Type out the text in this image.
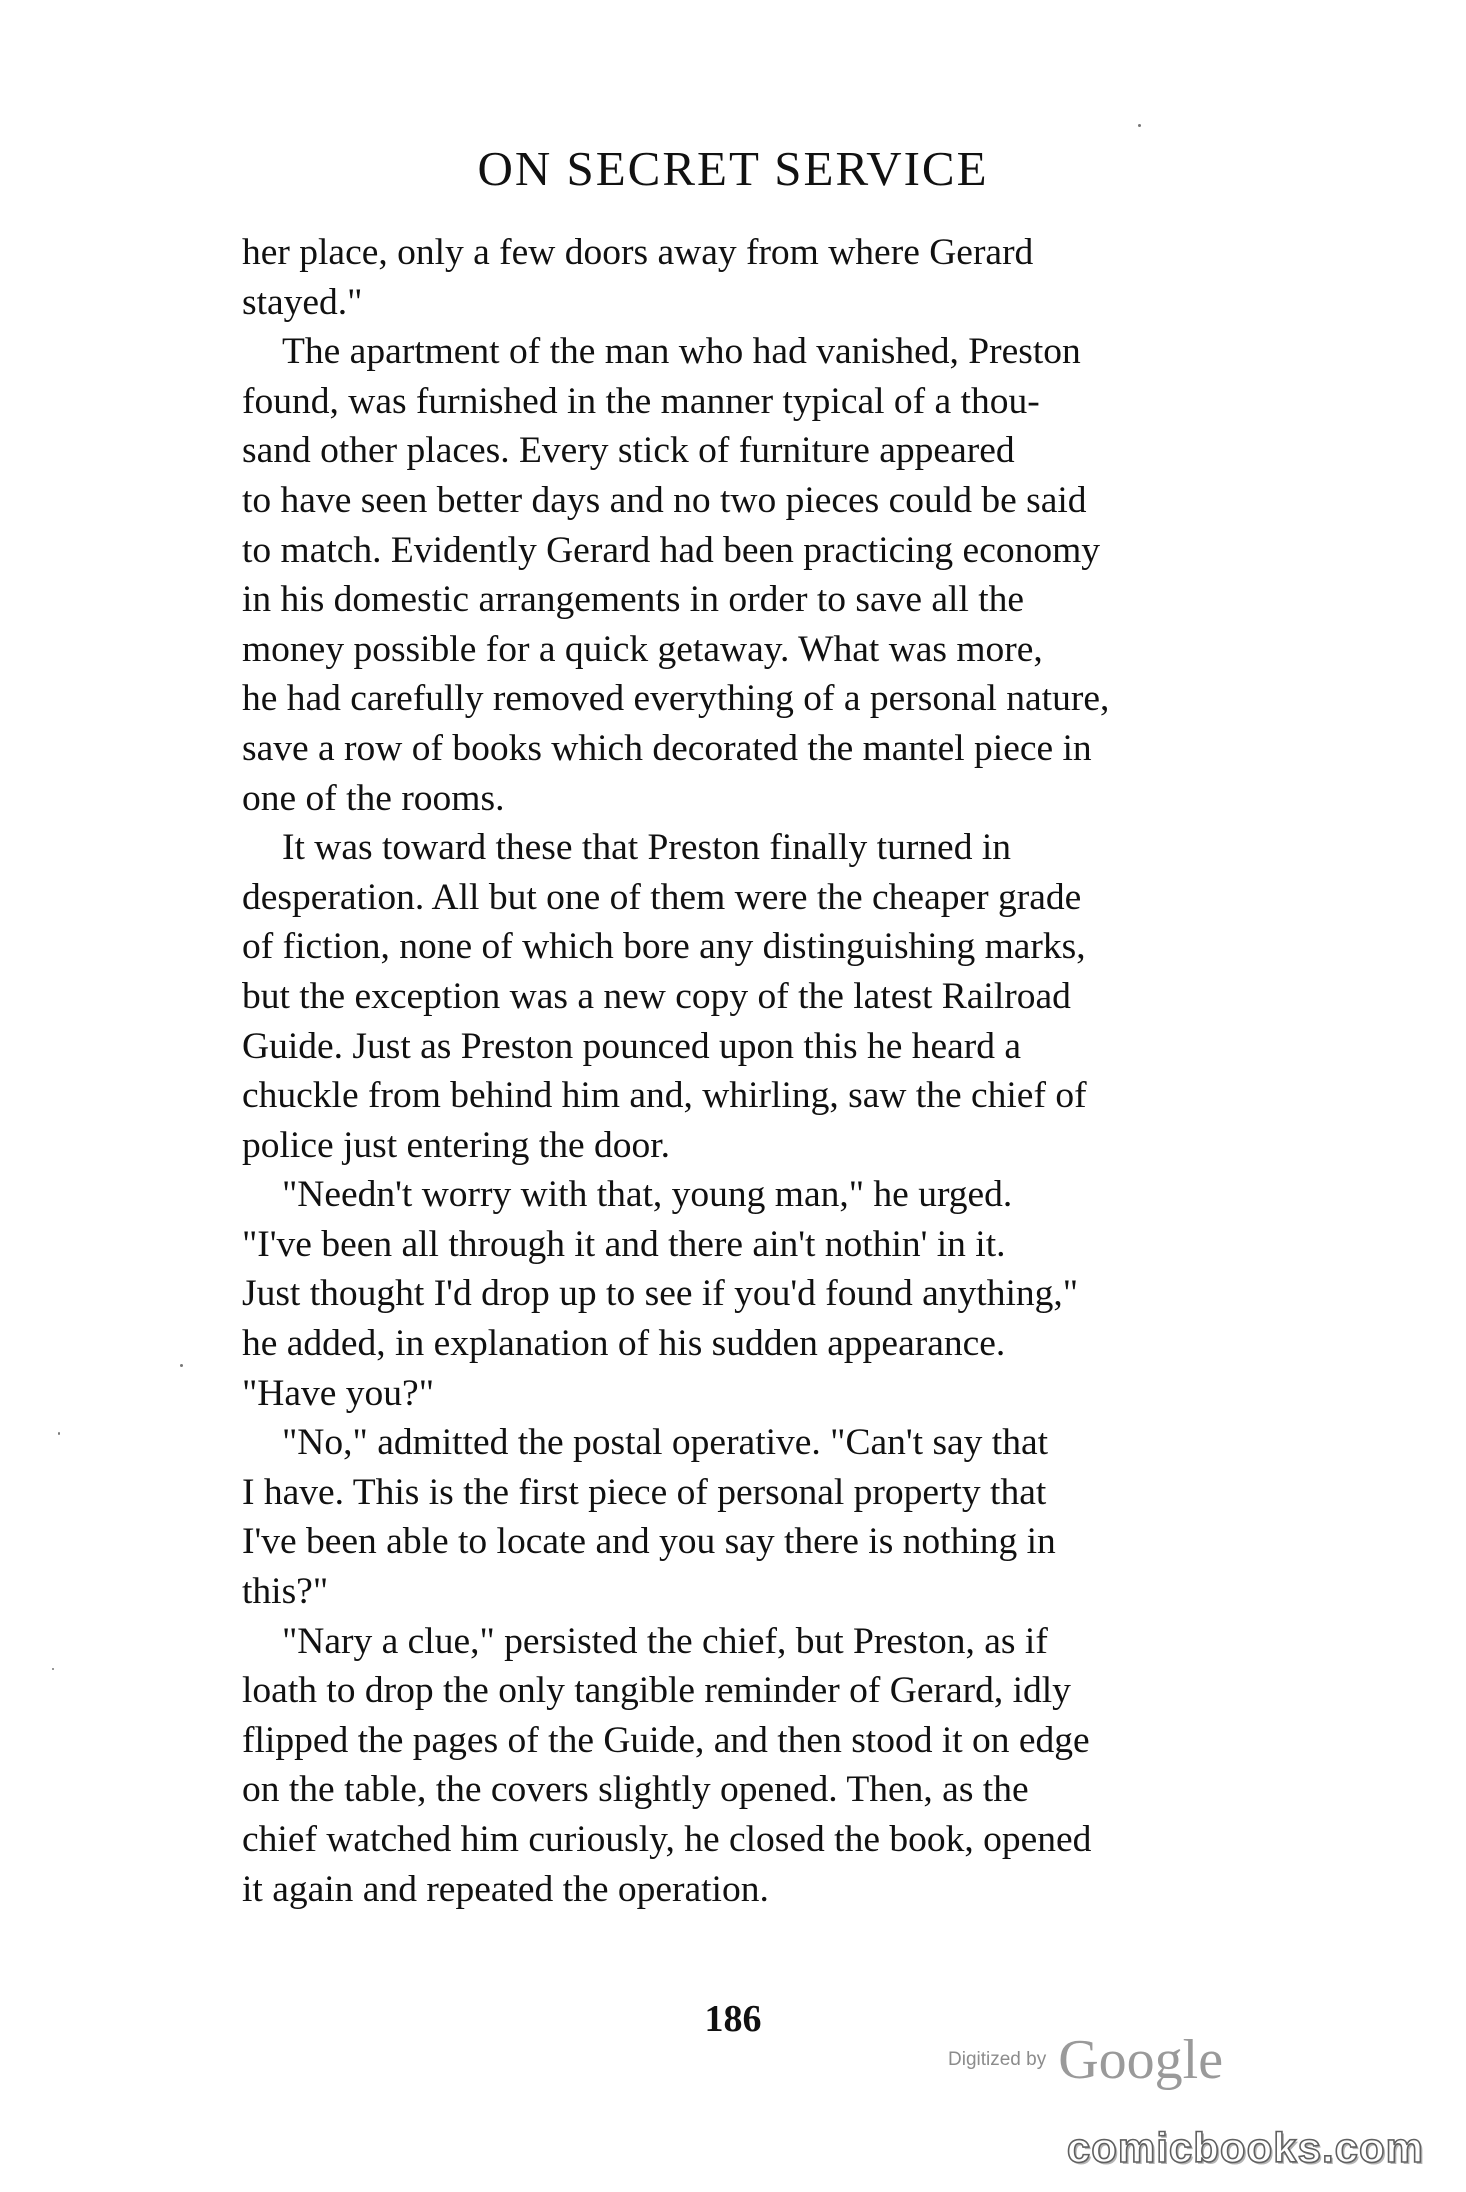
ON SECRET SERVICE

her place, only a few doors away from where Gerard
stayed."

The apartment of the man who had vanished, Preston
found, was furnished in the manner typical of a thou-
sand other places. Every stick of furniture appeared
to have seen better days and no two pieces could be said
to match. Evidently Gerard had been practicing economy
in his domestic arrangements in order to save all the
money possible for a quick getaway. What was more,
he had carefully removed everything of a personal nature,
save a row of books which decorated the mantel piece in
one of the rooms.

It was toward these that Preston finally turned in
desperation. All but one of them were the cheaper grade
of fiction, none of which bore any distinguishing marks,
but the exception was a new copy of the latest Railroad
Guide. Just as Preston pounced upon this he heard a
chuckle from behind him and, whirling, saw the chief of
police just entering the door.

"Needn't worry with that, young man," he urged.
"I've been all through it and there ain't nothin' in it.
Just thought I'd drop up to see if you'd found anything,"
he added, in explanation of his sudden appearance.
"Have you?"

"No," admitted the postal operative. "Can't say that
I have. This is the first piece of personal property that
I've been able to locate and you say there is nothing in
this?"

"Nary a clue," persisted the chief, but Preston, as if
loath to drop the only tangible reminder of Gerard, idly
flipped the pages of the Guide, and then stood it on edge
on the table, the covers slightly opened. Then, as the
chief watched him curiously, he closed the book, opened
it again and repeated the operation.

186
Digitized by Google
comicbooks.com
